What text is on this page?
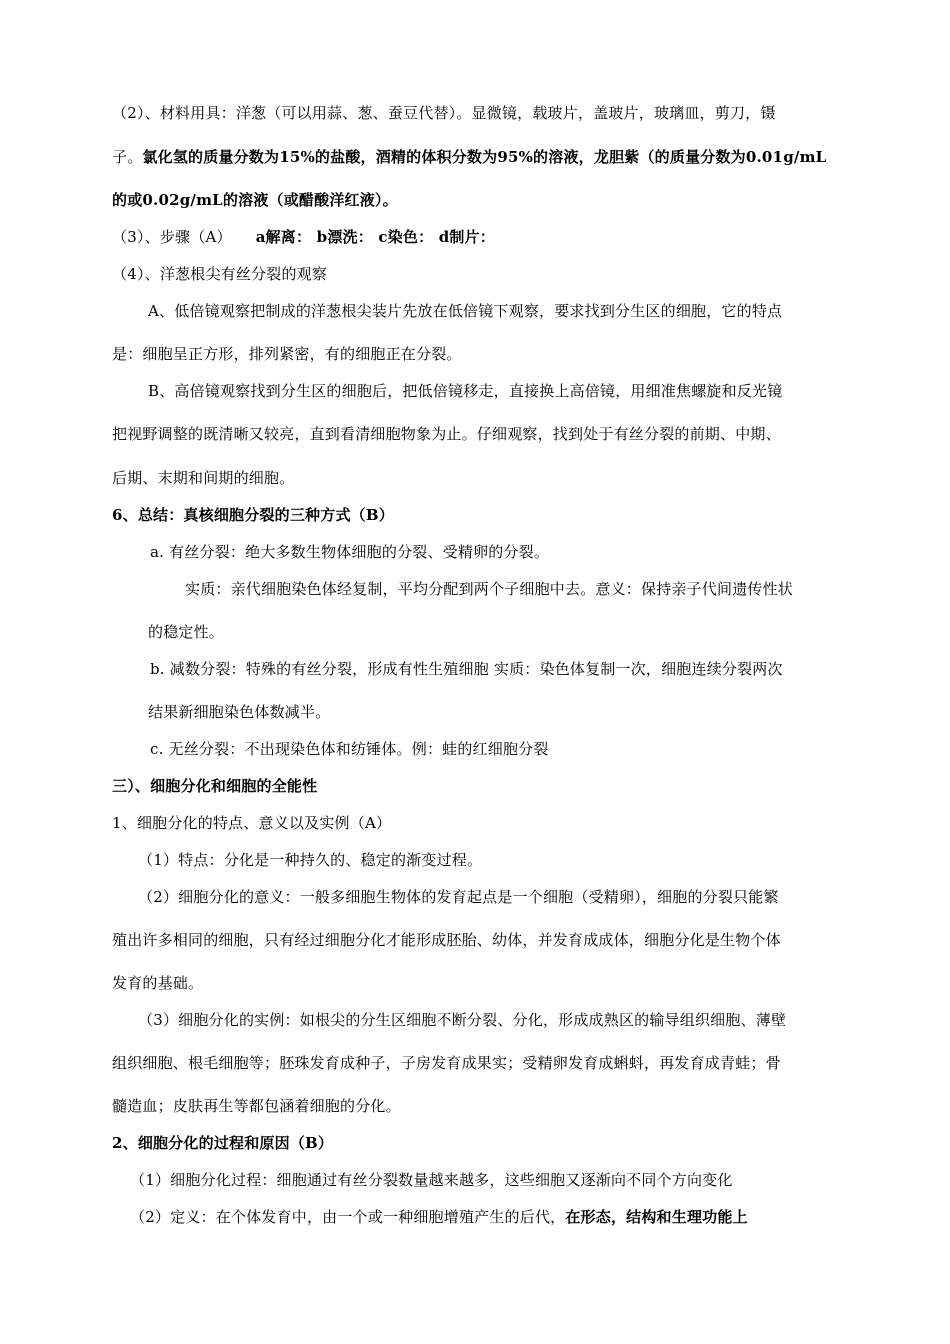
（2）、材料用具：洋葱（可以用蒜、葱、蚕豆代替）。显微镜，载玻片，盖玻片，玻璃皿，剪刀，镊
子。氯化氢的质量分数为15%的盐酸，酒精的体积分数为95%的溶液，龙胆紫（的质量分数为0.01g/mL
的或0.02g/mL的溶液（或醋酸洋红液）。
（3）、步骤（A） a解离： b漂洗： c染色： d制片：
（4）、洋葱根尖有丝分裂的观察
A、低倍镜观察把制成的洋葱根尖装片先放在低倍镜下观察，要求找到分生区的细胞，它的特点
是：细胞呈正方形，排列紧密，有的细胞正在分裂。
B、高倍镜观察找到分生区的细胞后，把低倍镜移走，直接换上高倍镜，用细准焦螺旋和反光镜
把视野调整的既清晰又较亮，直到看清细胞物象为止。仔细观察，找到处于有丝分裂的前期、中期、
后期、末期和间期的细胞。
6、总结：真核细胞分裂的三种方式（B）
a. 有丝分裂：绝大多数生物体细胞的分裂、受精卵的分裂。
实质：亲代细胞染色体经复制，平均分配到两个子细胞中去。意义：保持亲子代间遗传性状
的稳定性。
b. 减数分裂：特殊的有丝分裂，形成有性生殖细胞 实质：染色体复制一次，细胞连续分裂两次
结果新细胞染色体数减半。
c. 无丝分裂：不出现染色体和纺锤体。例：蛙的红细胞分裂
三）、细胞分化和细胞的全能性
1、细胞分化的特点、意义以及实例（A）
（1）特点：分化是一种持久的、稳定的渐变过程。
（2）细胞分化的意义：一般多细胞生物体的发育起点是一个细胞（受精卵），细胞的分裂只能繁
殖出许多相同的细胞，只有经过细胞分化才能形成胚胎、幼体，并发育成成体，细胞分化是生物个体
发育的基础。
（3）细胞分化的实例：如根尖的分生区细胞不断分裂、分化，形成成熟区的输导组织细胞、薄壁
组织细胞、根毛细胞等；胚珠发育成种子，子房发育成果实；受精卵发育成蝌蚪，再发育成青蛙；骨
髓造血；皮肤再生等都包涵着细胞的分化。
2、细胞分化的过程和原因（B）
（1）细胞分化过程：细胞通过有丝分裂数量越来越多，这些细胞又逐渐向不同个方向变化
（2）定义：在个体发育中，由一个或一种细胞增殖产生的后代，在形态，结构和生理功能上
